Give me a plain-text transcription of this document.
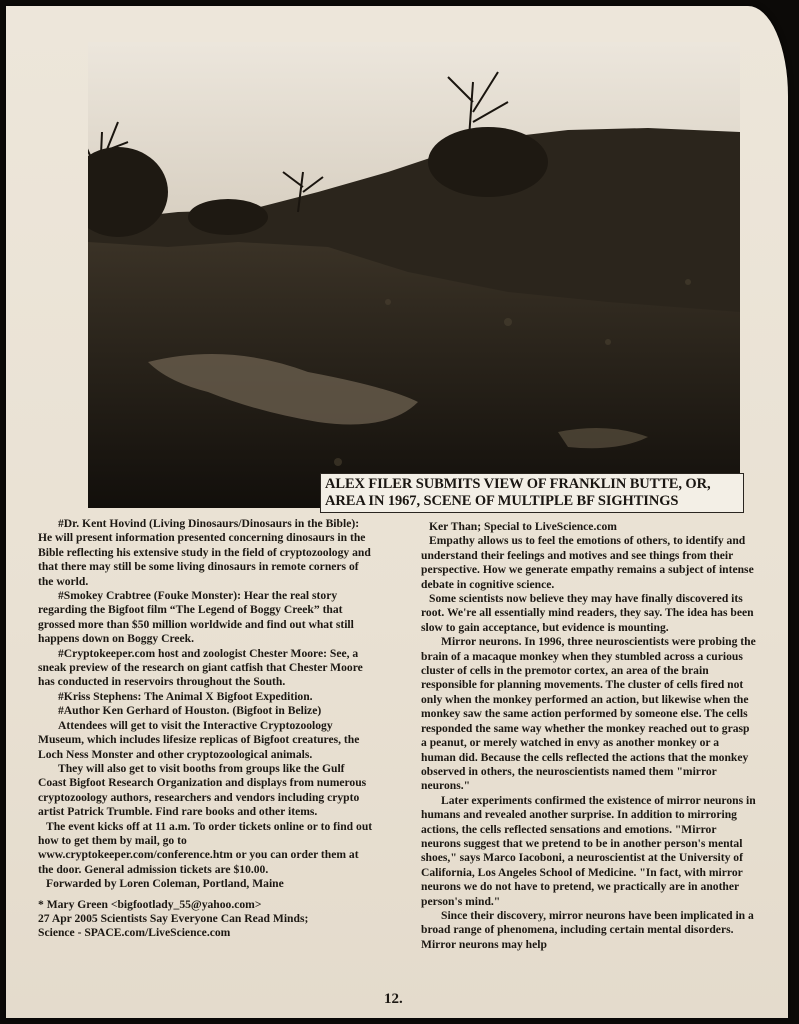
ALEX FILER SUBMITS VIEW OF FRANKLIN BUTTE, OR,
AREA IN 1967, SCENE OF MULTIPLE BF SIGHTINGS

#Dr. Kent Hovind (Living Dinosaurs/Dinosaurs in the Bible): He will present information presented concerning dinosaurs in the Bible reflecting his extensive study in the field of cryptozoology and that there may still be some living dinosaurs in remote corners of the world.

#Smokey Crabtree (Fouke Monster): Hear the real story regarding the Bigfoot film “The Legend of Boggy Creek” that grossed more than $50 million worldwide and find out what still happens down on Boggy Creek.

#Cryptokeeper.com host and zoologist Chester Moore: See, a sneak preview of the research on giant catfish that Chester Moore has conducted in reservoirs throughout the South.

#Kriss Stephens: The Animal X Bigfoot Expedition.

#Author Ken Gerhard of Houston. (Bigfoot in Belize)

Attendees will get to visit the Interactive Cryptozoology Museum, which includes lifesize replicas of Bigfoot creatures, the Loch Ness Monster and other cryptozoological animals.

They will also get to visit booths from groups like the Gulf Coast Bigfoot Research Organization and displays from numerous cryptozoology authors, researchers and vendors including crypto artist Patrick Trumble. Find rare books and other items.

The event kicks off at 11 a.m. To order tickets online or to find out how to get them by mail, go to www.cryptokeeper.com/conference.htm or you can order them at the door. General admission tickets are $10.00.

Forwarded by Loren Coleman, Portland, Maine

* Mary Green <bigfootlady_55@yahoo.com>

27 Apr 2005 Scientists Say Everyone Can Read Minds;

Science - SPACE.com/LiveScience.com

Ker Than; Special to LiveScience.com

Empathy allows us to feel the emotions of others, to identify and understand their feelings and motives and see things from their perspective. How we generate empathy remains a subject of intense debate in cognitive science.

Some scientists now believe they may have finally discovered its root. We're all essentially mind readers, they say. The idea has been slow to gain acceptance, but evidence is mounting.

Mirror neurons. In 1996, three neuroscientists were probing the brain of a macaque monkey when they stumbled across a curious cluster of cells in the premotor cortex, an area of the brain responsible for planning movements. The cluster of cells fired not only when the monkey performed an action, but likewise when the monkey saw the same action performed by someone else. The cells responded the same way whether the monkey reached out to grasp a peanut, or merely watched in envy as another monkey or a human did. Because the cells reflected the actions that the monkey observed in others, the neuroscientists named them "mirror neurons."

Later experiments confirmed the existence of mirror neurons in humans and revealed another surprise. In addition to mirroring actions, the cells reflected sensations and emotions. "Mirror neurons suggest that we pretend to be in another person's mental shoes," says Marco Iacoboni, a neuroscientist at the University of California, Los Angeles School of Medicine. "In fact, with mirror neurons we do not have to pretend, we practically are in another person's mind."

Since their discovery, mirror neurons have been implicated in a broad range of phenomena, including certain mental disorders. Mirror neurons may help

12.
